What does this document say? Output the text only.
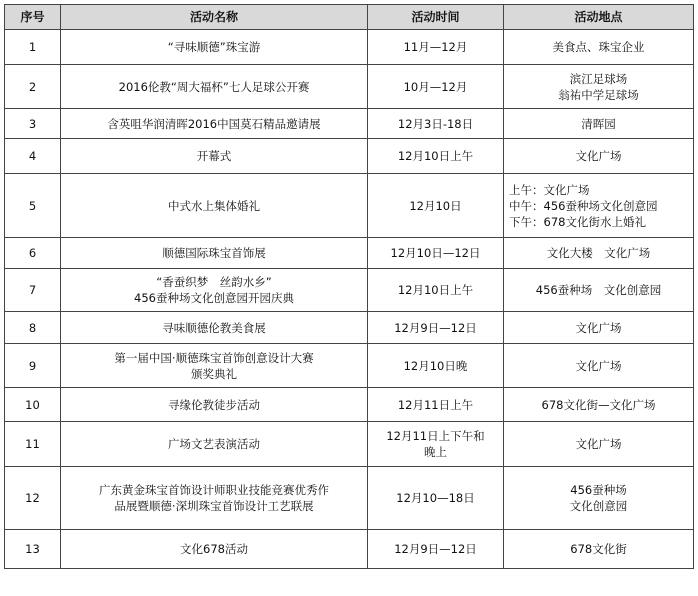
序号	活动名称	活动时间	活动地点
1	“寻味顺德”珠宝游	11月—12月	美食点、珠宝企业

2	2016伦教“周大福杯”七人足球公开赛	10月—12月	滨江足球场
翁祐中学足球场

3	含英咀华润清晖2016中国莫石精品邀请展	12月3日-18日	清晖园

4	开幕式	12月10日上午	文化广场

5	中式水上集体婚礼	12月10日	上午：文化广场
中午：456蚕种场文化创意园
下午：678文化街水上婚礼

6	顺德国际珠宝首饰展	12月10日—12日	文化大楼　文化广场

7	“香蚕织梦　丝韵水乡”
456蚕种场文化创意园开园庆典	12月10日上午	456蚕种场　文化创意园

8	寻味顺德伦教美食展	12月9日—12日	文化广场

9	第一届中国·顺德珠宝首饰创意设计大赛
颁奖典礼	12月10日晚	文化广场

10	寻缘伦教徒步活动	12月11日上午	678文化街—文化广场

11	广场文艺表演活动	12月11日上下午和
晚上	文化广场

12	广东黄金珠宝首饰设计师职业技能竞赛优秀作
品展暨顺德·深圳珠宝首饰设计工艺联展	12月10—18日	456蚕种场
文化创意园

13	文化678活动	12月9日—12日	678文化街
